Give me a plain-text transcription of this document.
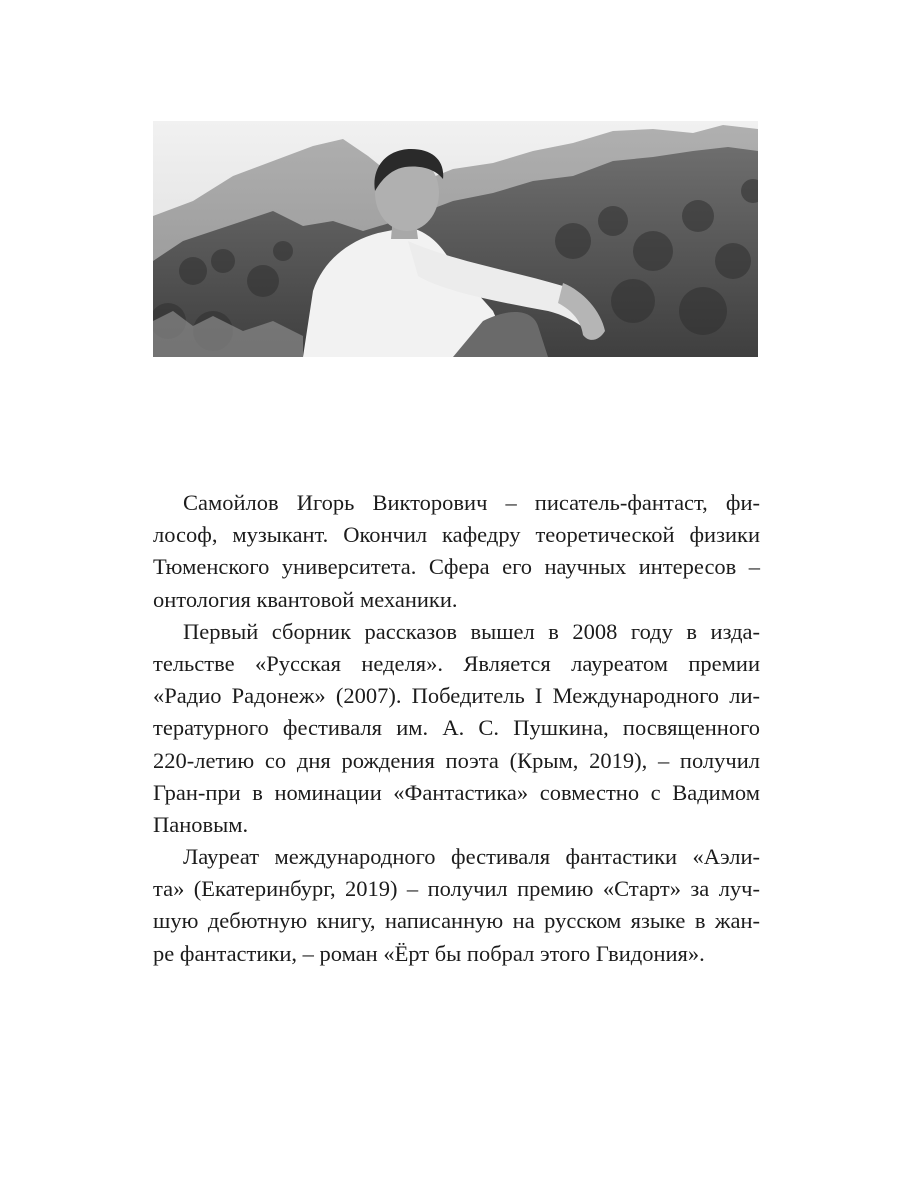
Самойлов Игорь Викторович – писатель-фантаст, фи-
лософ, музыкант. Окончил кафедру теоретической физики
Тюменского университета. Сфера его научных интересов –
онтология квантовой механики.
Первый сборник рассказов вышел в 2008 году в изда-
тельстве «Русская неделя». Является лауреатом премии
«Радио Радонеж» (2007). Победитель I Международного ли-
тературного фестиваля им. А. С. Пушкина, посвященного
220-летию со дня рождения поэта (Крым, 2019), – получил
Гран-при в номинации «Фантастика» совместно с Вадимом
Пановым.
Лауреат международного фестиваля фантастики «Аэли-
та» (Екатеринбург, 2019) – получил премию «Старт» за луч-
шую дебютную книгу, написанную на русском языке в жан-
ре фантастики, – роман «Ёрт бы побрал этого Гвидония».
